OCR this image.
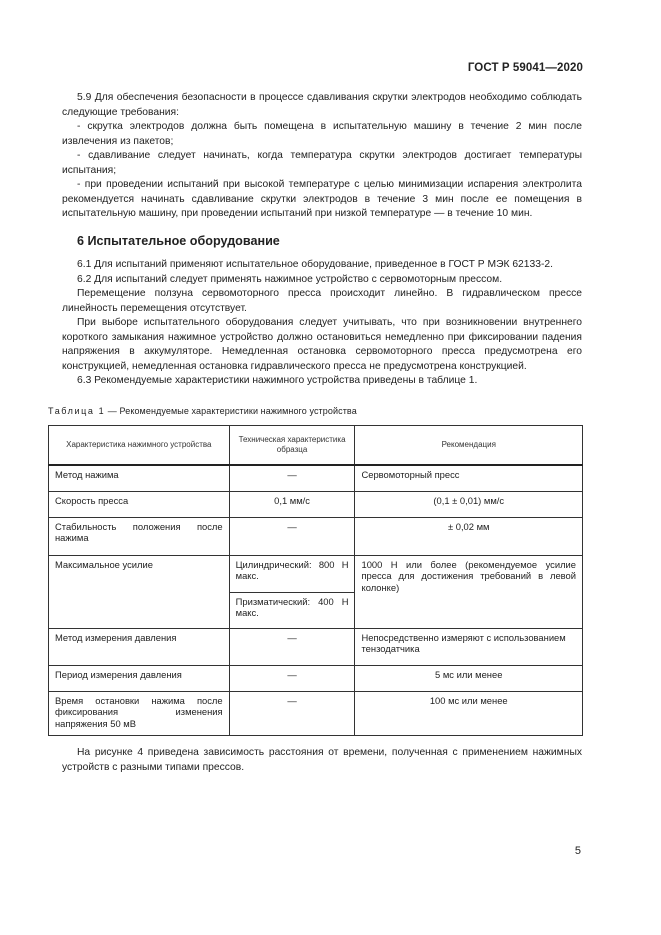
ГОСТ Р 59041—2020

5.9 Для обеспечения безопасности в процессе сдавливания скрутки электродов необходимо соблюдать следующие требования:

- скрутка электродов должна быть помещена в испытательную машину в течение 2 мин после извлечения из пакетов;

- сдавливание следует начинать, когда температура скрутки электродов достигает температуры испытания;

- при проведении испытаний при высокой температуре с целью минимизации испарения электролита рекомендуется начинать сдавливание скрутки электродов в течение 3 мин после ее помещения в испытательную машину, при проведении испытаний при низкой температуре — в течение 10 мин.

6 Испытательное оборудование

6.1 Для испытаний применяют испытательное оборудование, приведенное в ГОСТ Р МЭК 62133-2.

6.2 Для испытаний следует применять нажимное устройство с сервомоторным прессом.

Перемещение ползуна сервомоторного пресса происходит линейно. В гидравлическом прессе линейность перемещения отсутствует.

При выборе испытательного оборудования следует учитывать, что при возникновении внутреннего короткого замыкания нажимное устройство должно остановиться немедленно при фиксировании падения напряжения в аккумуляторе. Немедленная остановка сервомоторного пресса предусмотрена его конструкцией, немедленная остановка гидравлического пресса не предусмотрена конструкцией.

6.3 Рекомендуемые характеристики нажимного устройства приведены в таблице 1.

Таблица 1 — Рекомендуемые характеристики нажимного устройства
Характеристика нажимного устройства	Техническая характеристика образца	Рекомендация
Метод нажима	—	Сервомоторный пресс
Скорость пресса	0,1 мм/с	(0,1 ± 0,01) мм/с
Стабильность положения после нажима	—	± 0,02 мм
Максимальное усилие	Цилиндрический: 800 Н макс.	1000 Н или более (рекомендуемое усилие пресса для достижения требований в левой колонке)
	Призматический: 400 Н макс.	
Метод измерения давления	—	Непосредственно измеряют с использованием тензодатчика
Период измерения давления	—	5 мс или менее
Время остановки нажима после фиксирования изменения напряжения 50 мВ	—	100 мс или менее

На рисунке 4 приведена зависимость расстояния от времени, полученная с применением нажимных устройств с разными типами прессов.

5
